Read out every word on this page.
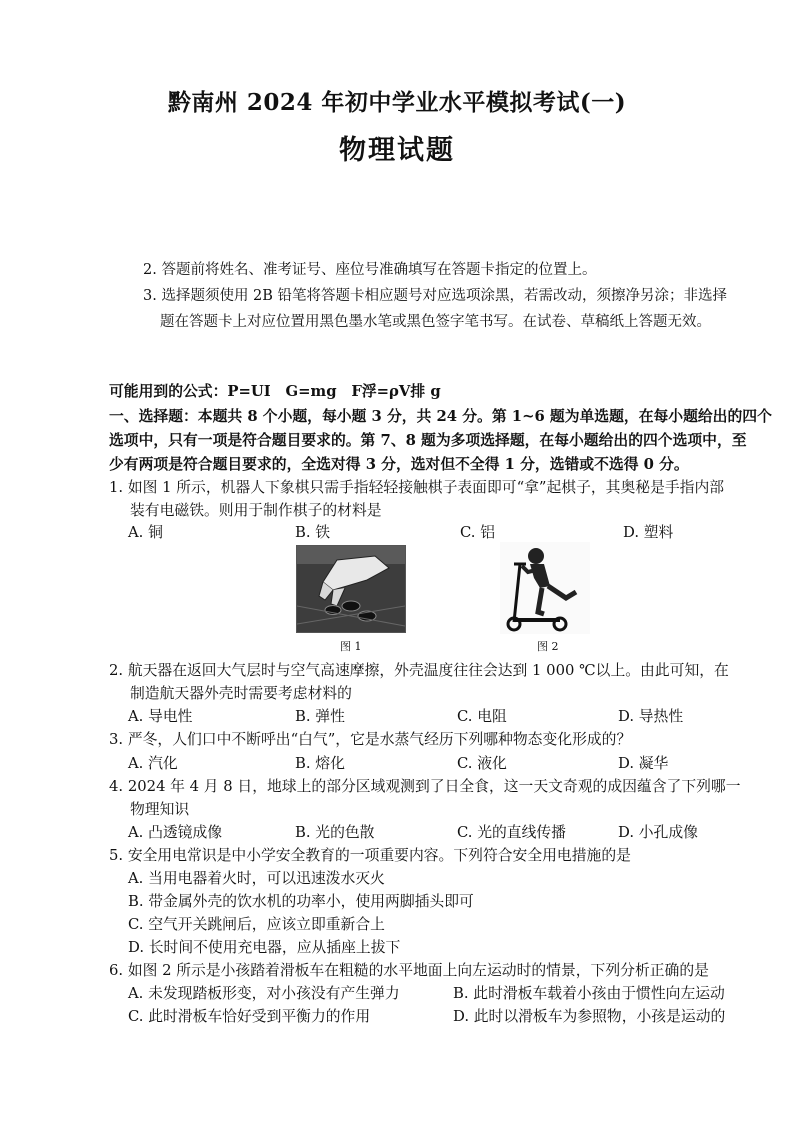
黔南州 2024 年初中学业水平模拟考试(一)
物理试题
2. 答题前将姓名、准考证号、座位号准确填写在答题卡指定的位置上。
3. 选择题须使用 2B 铅笔将答题卡相应题号对应选项涂黑，若需改动，须擦净另涂；非选择
题在答题卡上对应位置用黑色墨水笔或黑色签字笔书写。在试卷、草稿纸上答题无效。
可能用到的公式：P=UI　G=mg　F浮=ρV排 g
一、选择题：本题共 8 个小题，每小题 3 分，共 24 分。第 1~6 题为单选题，在每小题给出的四个
选项中，只有一项是符合题目要求的。第 7、8 题为多项选择题，在每小题给出的四个选项中，至
少有两项是符合题目要求的，全选对得 3 分，选对但不全得 1 分，选错或不选得 0 分。
1. 如图 1 所示，机器人下象棋只需手指轻轻接触棋子表面即可“拿”起棋子，其奥秘是手指内部
装有电磁铁。则用于制作棋子的材料是
A. 铜	B. 铁	C. 铝	D. 塑料
图 1	图 2
2. 航天器在返回大气层时与空气高速摩擦，外壳温度往往会达到 1 000 ℃以上。由此可知，在
制造航天器外壳时需要考虑材料的
A. 导电性	B. 弹性	C. 电阻	D. 导热性
3. 严冬，人们口中不断呼出“白气”，它是水蒸气经历下列哪种物态变化形成的？
A. 汽化	B. 熔化	C. 液化	D. 凝华
4. 2024 年 4 月 8 日，地球上的部分区域观测到了日全食，这一天文奇观的成因蕴含了下列哪一
物理知识
A. 凸透镜成像	B. 光的色散	C. 光的直线传播	D. 小孔成像
5. 安全用电常识是中小学安全教育的一项重要内容。下列符合安全用电措施的是
A. 当用电器着火时，可以迅速泼水灭火
B. 带金属外壳的饮水机的功率小，使用两脚插头即可
C. 空气开关跳闸后，应该立即重新合上
D. 长时间不使用充电器，应从插座上拔下
6. 如图 2 所示是小孩踏着滑板车在粗糙的水平地面上向左运动时的情景，下列分析正确的是
A. 未发现踏板形变，对小孩没有产生弹力	B. 此时滑板车载着小孩由于惯性向左运动
C. 此时滑板车恰好受到平衡力的作用	D. 此时以滑板车为参照物，小孩是运动的
